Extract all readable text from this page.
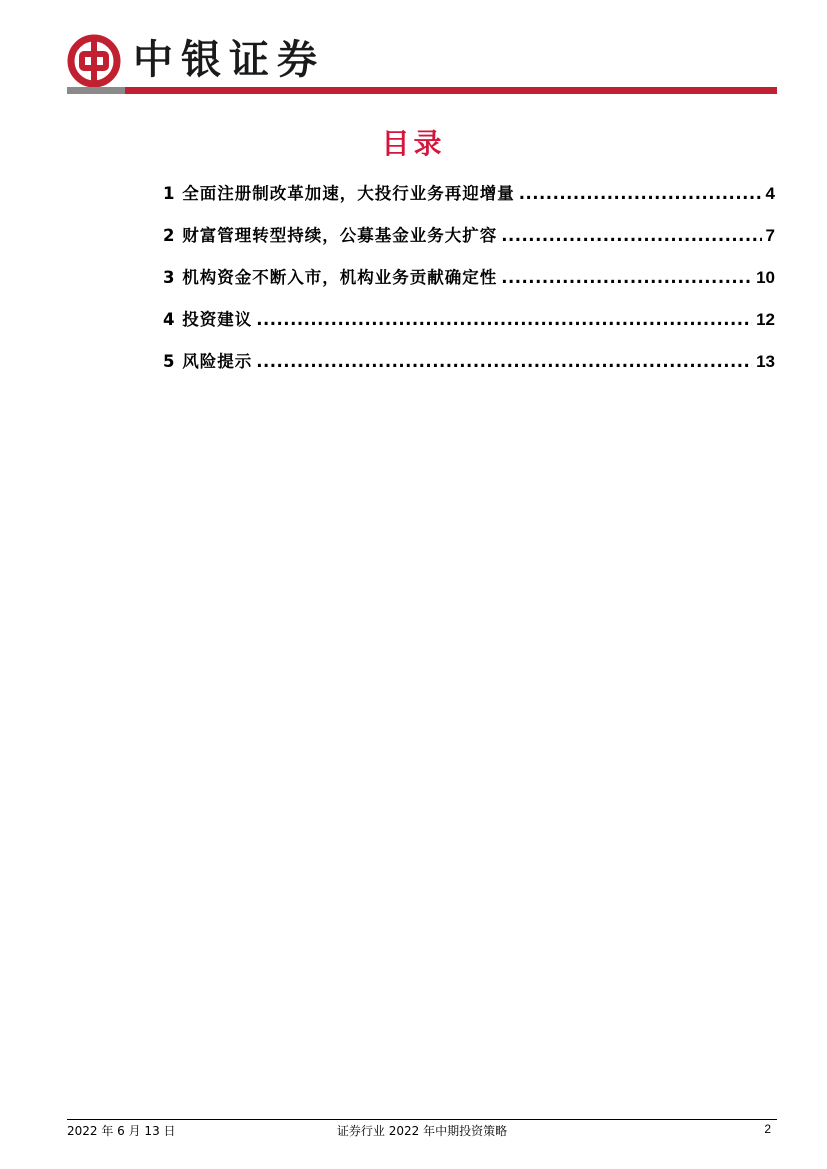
中银证券
目录
1 全面注册制改革加速，大投行业务再迎增量 .....	4
2 财富管理转型持续，公募基金业务大扩容 .....	7
3 机构资金不断入市，机构业务贡献确定性 .....	10
4 投资建议 .....	12
5 风险提示 .....	13
2022 年 6 月 13 日	证券行业 2022 年中期投资策略	2
